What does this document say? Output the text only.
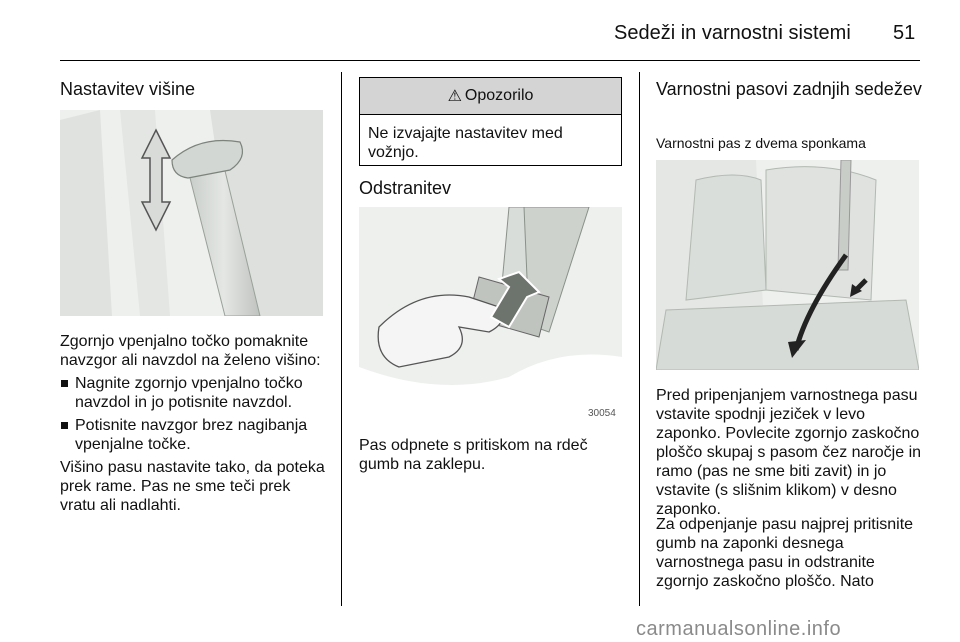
Sedeži in varnostni sistemi 51
Nastavitev višine
Zgornjo vpenjalno točko pomaknite navzgor ali navzdol na želeno višino:
Nagnite zgornjo vpenjalno točko navzdol in jo potisnite navzdol.
Potisnite navzgor brez nagibanja vpenjalne točke.
Višino pasu nastavite tako, da poteka prek rame. Pas ne sme teči prek vratu ali nadlahti.
⚠ Opozorilo
Ne izvajajte nastavitev med vožnjo.
Odstranitev
30054
Pas odpnete s pritiskom na rdeč gumb na zaklepu.
Varnostni pasovi zadnjih sedežev
Varnostni pas z dvema sponkama
Pred pripenjanjem varnostnega pasu vstavite spodnji jeziček v levo zaponko. Povlecite zgornjo zaskočno ploščo skupaj s pasom čez naročje in ramo (pas ne sme biti zavit) in jo vstavite (s slišnim klikom) v desno zaponko.
Za odpenjanje pasu najprej pritisnite gumb na zaponki desnega varnostnega pasu in odstranite zgornjo zaskočno ploščo. Nato
carmanualsonline.info
